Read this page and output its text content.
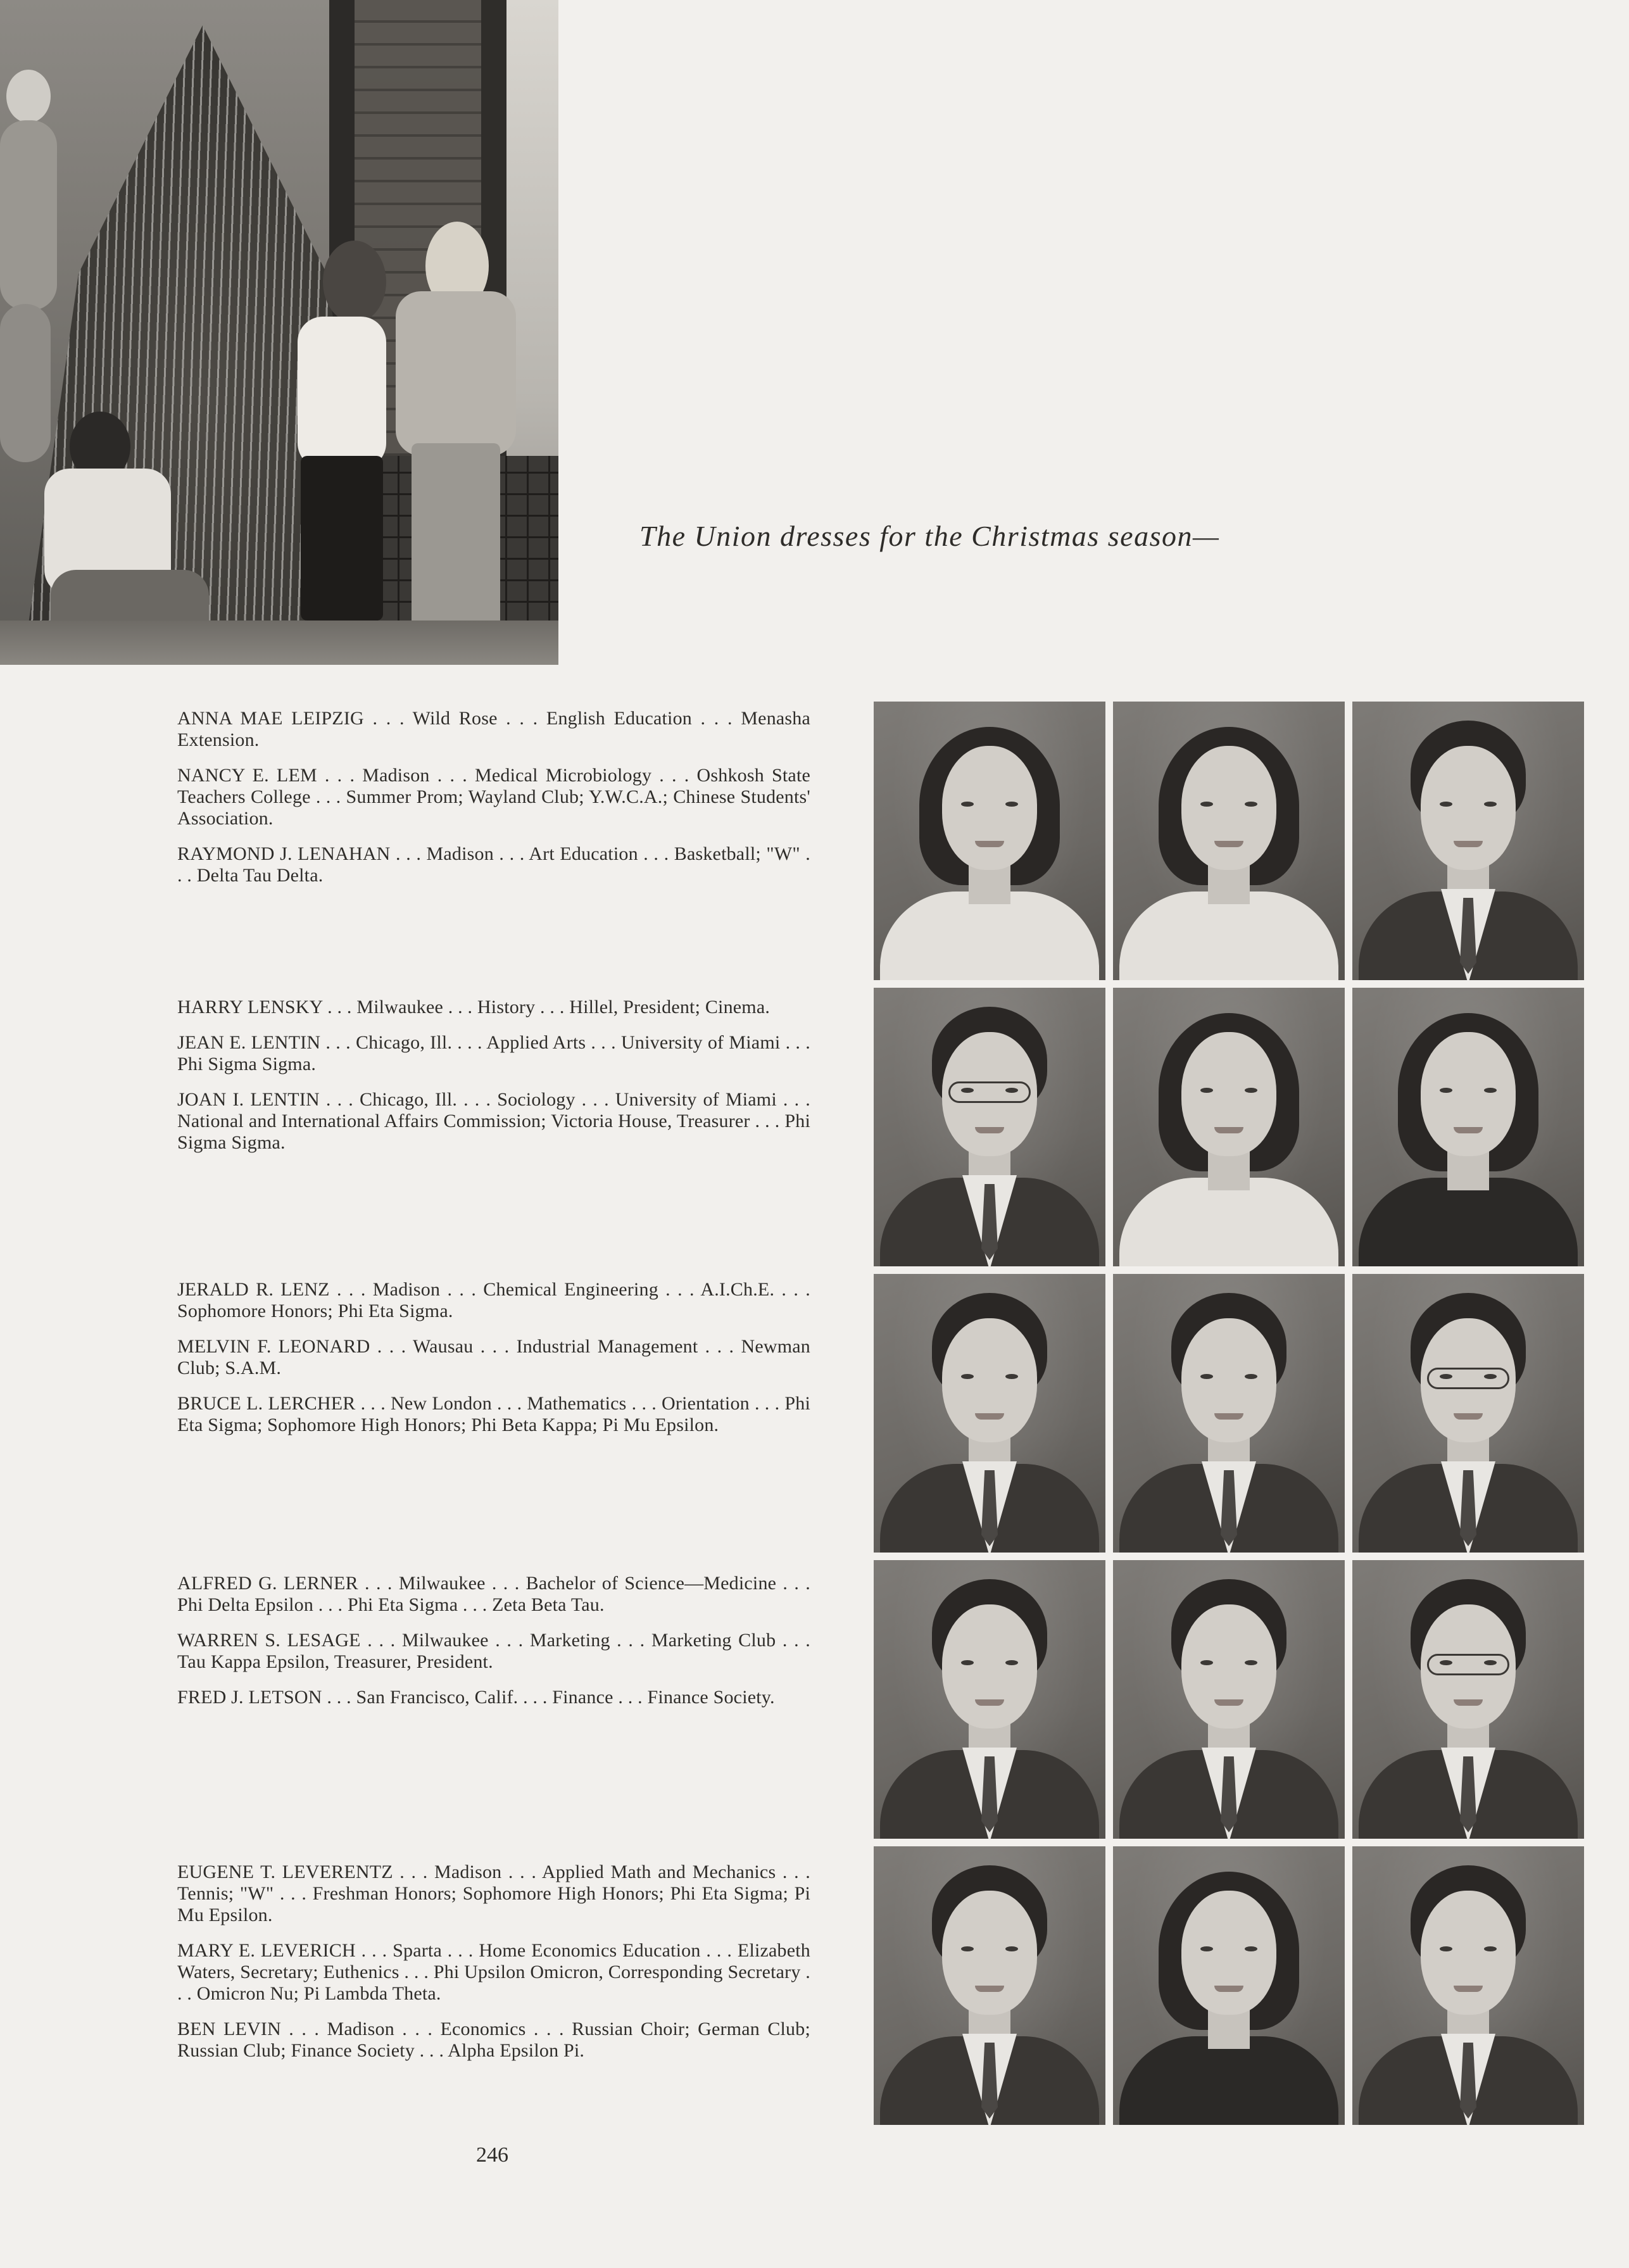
The Union dresses for the Christmas season—

ANNA MAE LEIPZIG . . . Wild Rose . . . English Education . . . Menasha Extension.

NANCY E. LEM . . . Madison . . . Medical Microbiology . . . Oshkosh State Teachers College . . . Summer Prom; Wayland Club; Y.W.C.A.; Chinese Students' Association.

RAYMOND J. LENAHAN . . . Madison . . . Art Education . . . Basketball; "W" . . . Delta Tau Delta.

HARRY LENSKY . . . Milwaukee . . . History . . . Hillel, President; Cinema.

JEAN E. LENTIN . . . Chicago, Ill. . . . Applied Arts . . . University of Miami . . . Phi Sigma Sigma.

JOAN I. LENTIN . . . Chicago, Ill. . . . Sociology . . . University of Miami . . . National and International Affairs Commission; Victoria House, Treasurer . . . Phi Sigma Sigma.

JERALD R. LENZ . . . Madison . . . Chemical Engineering . . . A.I.Ch.E. . . . Sophomore Honors; Phi Eta Sigma.

MELVIN F. LEONARD . . . Wausau . . . Industrial Management . . . Newman Club; S.A.M.

BRUCE L. LERCHER . . . New London . . . Mathematics . . . Orientation . . . Phi Eta Sigma; Sophomore High Honors; Phi Beta Kappa; Pi Mu Epsilon.

ALFRED G. LERNER . . . Milwaukee . . . Bachelor of Science—Medicine . . . Phi Delta Epsilon . . . Phi Eta Sigma . . . Zeta Beta Tau.

WARREN S. LESAGE . . . Milwaukee . . . Marketing . . . Marketing Club . . . Tau Kappa Epsilon, Treasurer, President.

FRED J. LETSON . . . San Francisco, Calif. . . . Finance . . . Finance Society.

EUGENE T. LEVERENTZ . . . Madison . . . Applied Math and Mechanics . . . Tennis; "W" . . . Freshman Honors; Sophomore High Honors; Phi Eta Sigma; Pi Mu Epsilon.

MARY E. LEVERICH . . . Sparta . . . Home Economics Education . . . Elizabeth Waters, Secretary; Euthenics . . . Phi Upsilon Omicron, Corresponding Secretary . . . Omicron Nu; Pi Lambda Theta.

BEN LEVIN . . . Madison . . . Economics . . . Russian Choir; German Club; Russian Club; Finance Society . . . Alpha Epsilon Pi.

246
